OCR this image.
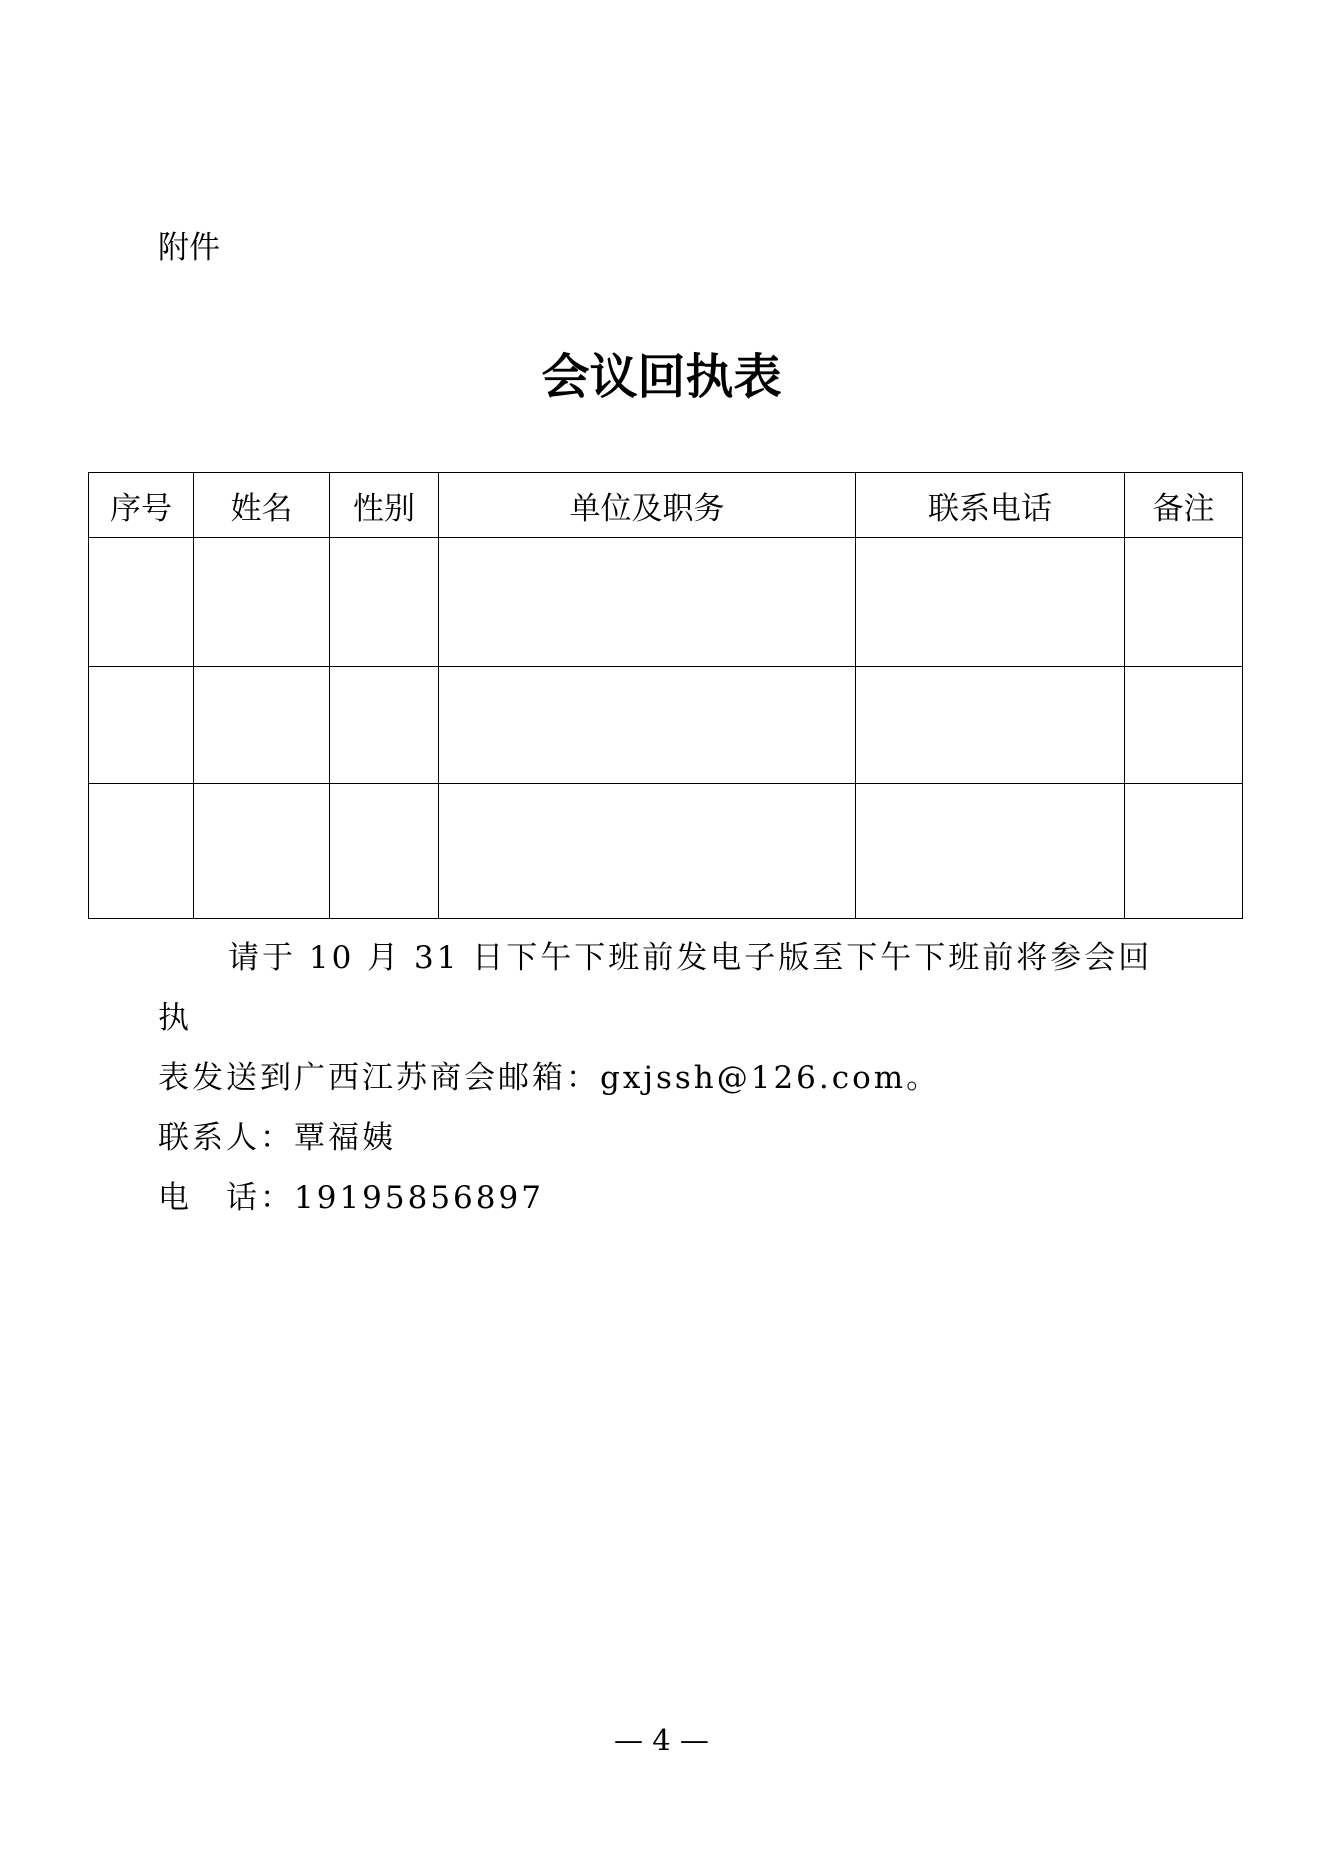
附件
会议回执表
序号	姓名	性别	单位及职务	联系电话	备注

请于 10 月 31 日下午下班前发电子版至下午下班前将参会回执

表发送到广西江苏商会邮箱：gxjssh@126.com。

联系人：覃福姨

电　话：19195856897

— 4 —
